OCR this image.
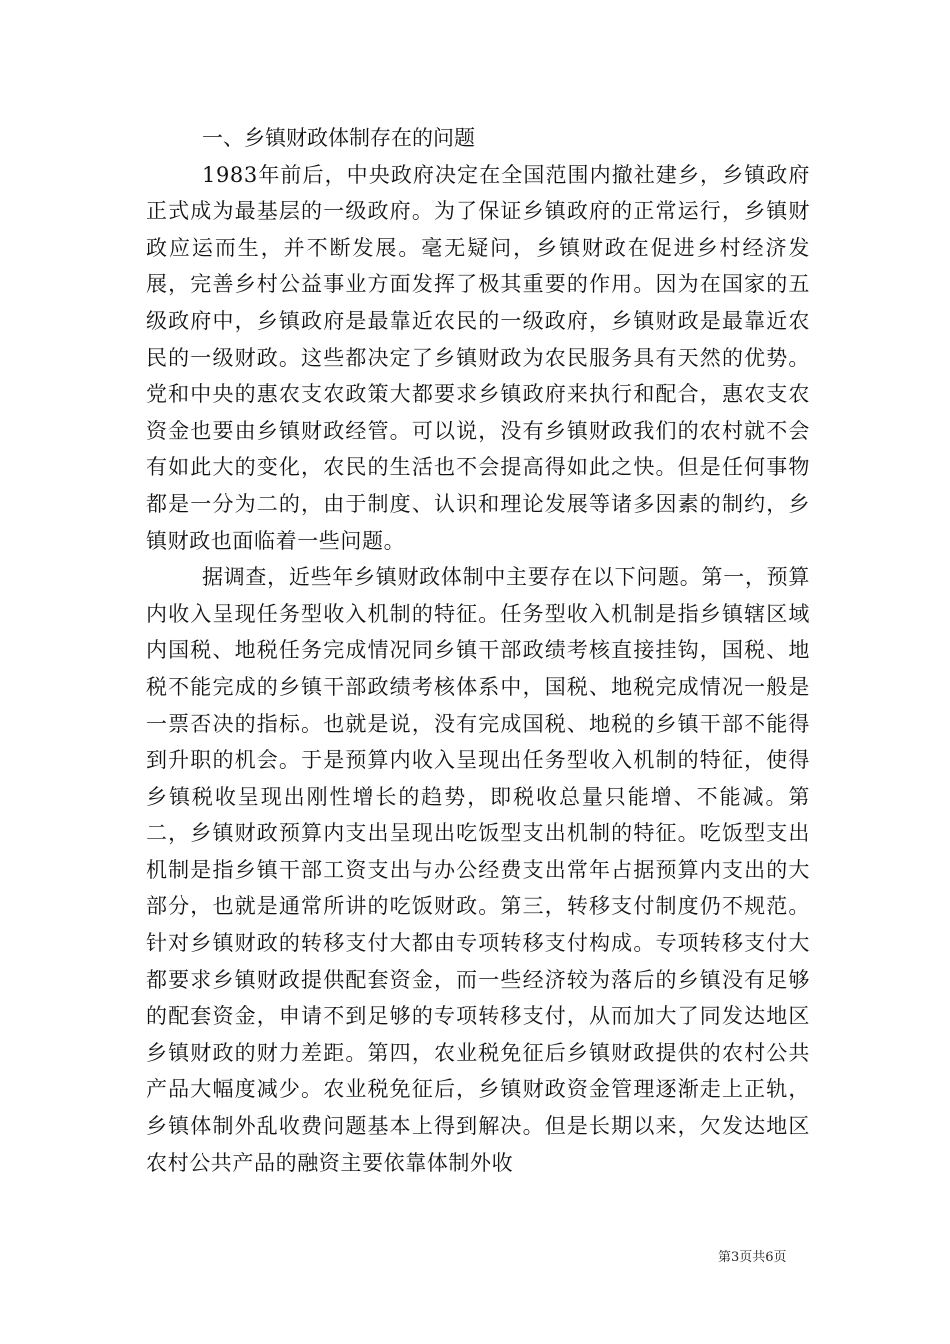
一、乡镇财政体制存在的问题

1983年前后，中央政府决定在全国范围内撤社建乡，乡镇政府正式成为最基层的一级政府。为了保证乡镇政府的正常运行，乡镇财政应运而生，并不断发展。毫无疑问，乡镇财政在促进乡村经济发展，完善乡村公益事业方面发挥了极其重要的作用。因为在国家的五级政府中，乡镇政府是最靠近农民的一级政府，乡镇财政是最靠近农民的一级财政。这些都决定了乡镇财政为农民服务具有天然的优势。党和中央的惠农支农政策大都要求乡镇政府来执行和配合，惠农支农资金也要由乡镇财政经管。可以说，没有乡镇财政我们的农村就不会有如此大的变化，农民的生活也不会提高得如此之快。但是任何事物都是一分为二的，由于制度、认识和理论发展等诸多因素的制约，乡镇财政也面临着一些问题。

据调查，近些年乡镇财政体制中主要存在以下问题。第一，预算内收入呈现任务型收入机制的特征。任务型收入机制是指乡镇辖区域内国税、地税任务完成情况同乡镇干部政绩考核直接挂钩，国税、地税不能完成的乡镇干部政绩考核体系中，国税、地税完成情况一般是一票否决的指标。也就是说，没有完成国税、地税的乡镇干部不能得到升职的机会。于是预算内收入呈现出任务型收入机制的特征，使得乡镇税收呈现出刚性增长的趋势，即税收总量只能增、不能减。第二，乡镇财政预算内支出呈现出吃饭型支出机制的特征。吃饭型支出机制是指乡镇干部工资支出与办公经费支出常年占据预算内支出的大部分，也就是通常所讲的吃饭财政。第三，转移支付制度仍不规范。针对乡镇财政的转移支付大都由专项转移支付构成。专项转移支付大都要求乡镇财政提供配套资金，而一些经济较为落后的乡镇没有足够的配套资金，申请不到足够的专项转移支付，从而加大了同发达地区乡镇财政的财力差距。第四，农业税免征后乡镇财政提供的农村公共产品大幅度减少。农业税免征后，乡镇财政资金管理逐渐走上正轨，乡镇体制外乱收费问题基本上得到解决。但是长期以来，欠发达地区农村公共产品的融资主要依靠体制外收

第3页共6页
